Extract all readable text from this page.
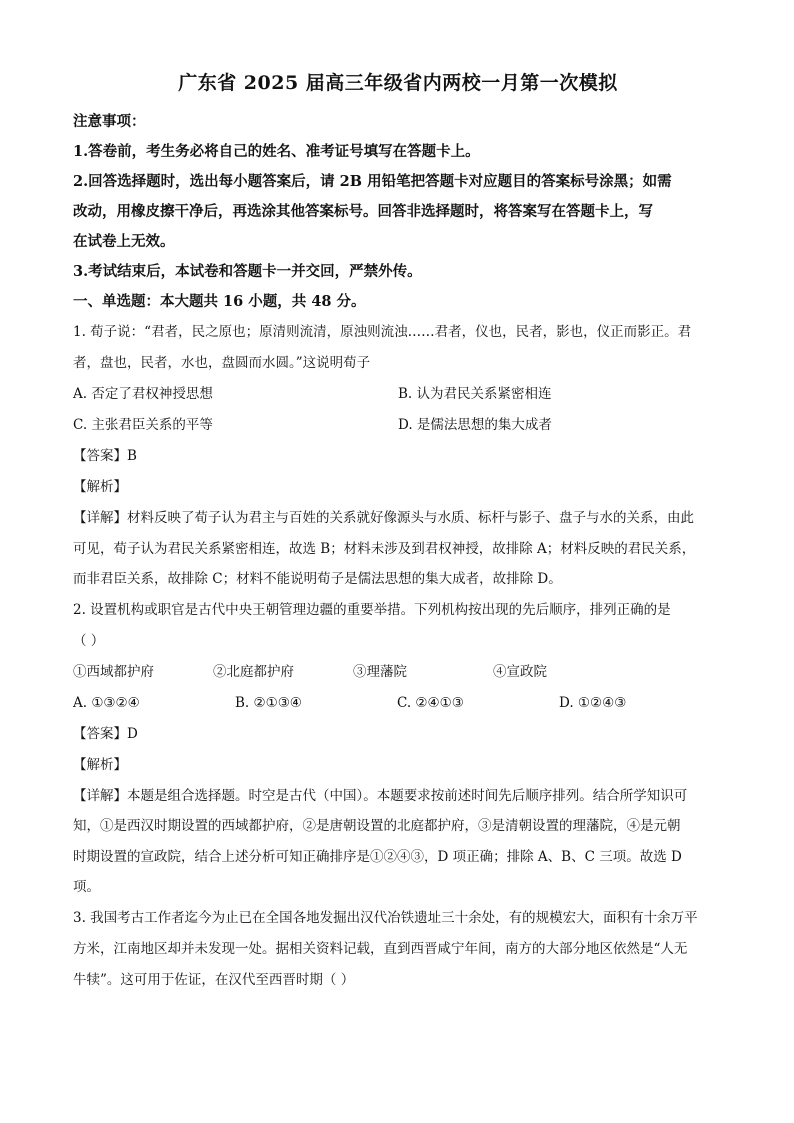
广东省 2025 届高三年级省内两校一月第一次模拟
注意事项：
1.答卷前，考生务必将自己的姓名、准考证号填写在答题卡上。
2.回答选择题时，选出每小题答案后，请 2B 用铅笔把答题卡对应题目的答案标号涂黑；如需
改动，用橡皮擦干净后，再选涂其他答案标号。回答非选择题时，将答案写在答题卡上，写
在试卷上无效。
3.考试结束后，本试卷和答题卡一并交回，严禁外传。
一、单选题：本大题共 16 小题，共 48 分。
1. 荀子说：“君者，民之原也；原清则流清，原浊则流浊……君者，仪也，民者，影也，仪正而影正。君
者，盘也，民者，水也，盘圆而水圆。”这说明荀子
A. 否定了君权神授思想	B. 认为君民关系紧密相连
C. 主张君臣关系的平等	D. 是儒法思想的集大成者
【答案】B
【解析】
【详解】材料反映了荀子认为君主与百姓的关系就好像源头与水质、标杆与影子、盘子与水的关系，由此
可见，荀子认为君民关系紧密相连，故选 B；材料未涉及到君权神授，故排除 A；材料反映的君民关系，
而非君臣关系，故排除 C；材料不能说明荀子是儒法思想的集大成者，故排除 D。
2. 设置机构或职官是古代中央王朝管理边疆的重要举措。下列机构按出现的先后顺序，排列正确的是
（ ）
①西域都护府	②北庭都护府	③理藩院	④宣政院
A. ①③②④	B. ②①③④	C. ②④①③	D. ①②④③
【答案】D
【解析】
【详解】本题是组合选择题。时空是古代（中国）。本题要求按前述时间先后顺序排列。结合所学知识可
知，①是西汉时期设置的西域都护府，②是唐朝设置的北庭都护府，③是清朝设置的理藩院，④是元朝
时期设置的宣政院，结合上述分析可知正确排序是①②④③，D 项正确；排除 A、B、C 三项。故选 D
项。
3. 我国考古工作者迄今为止已在全国各地发掘出汉代冶铁遗址三十余处，有的规模宏大，面积有十余万平
方米，江南地区却并未发现一处。据相关资料记载，直到西晋咸宁年间，南方的大部分地区依然是“人无
牛犊”。这可用于佐证，在汉代至西晋时期（ ）
